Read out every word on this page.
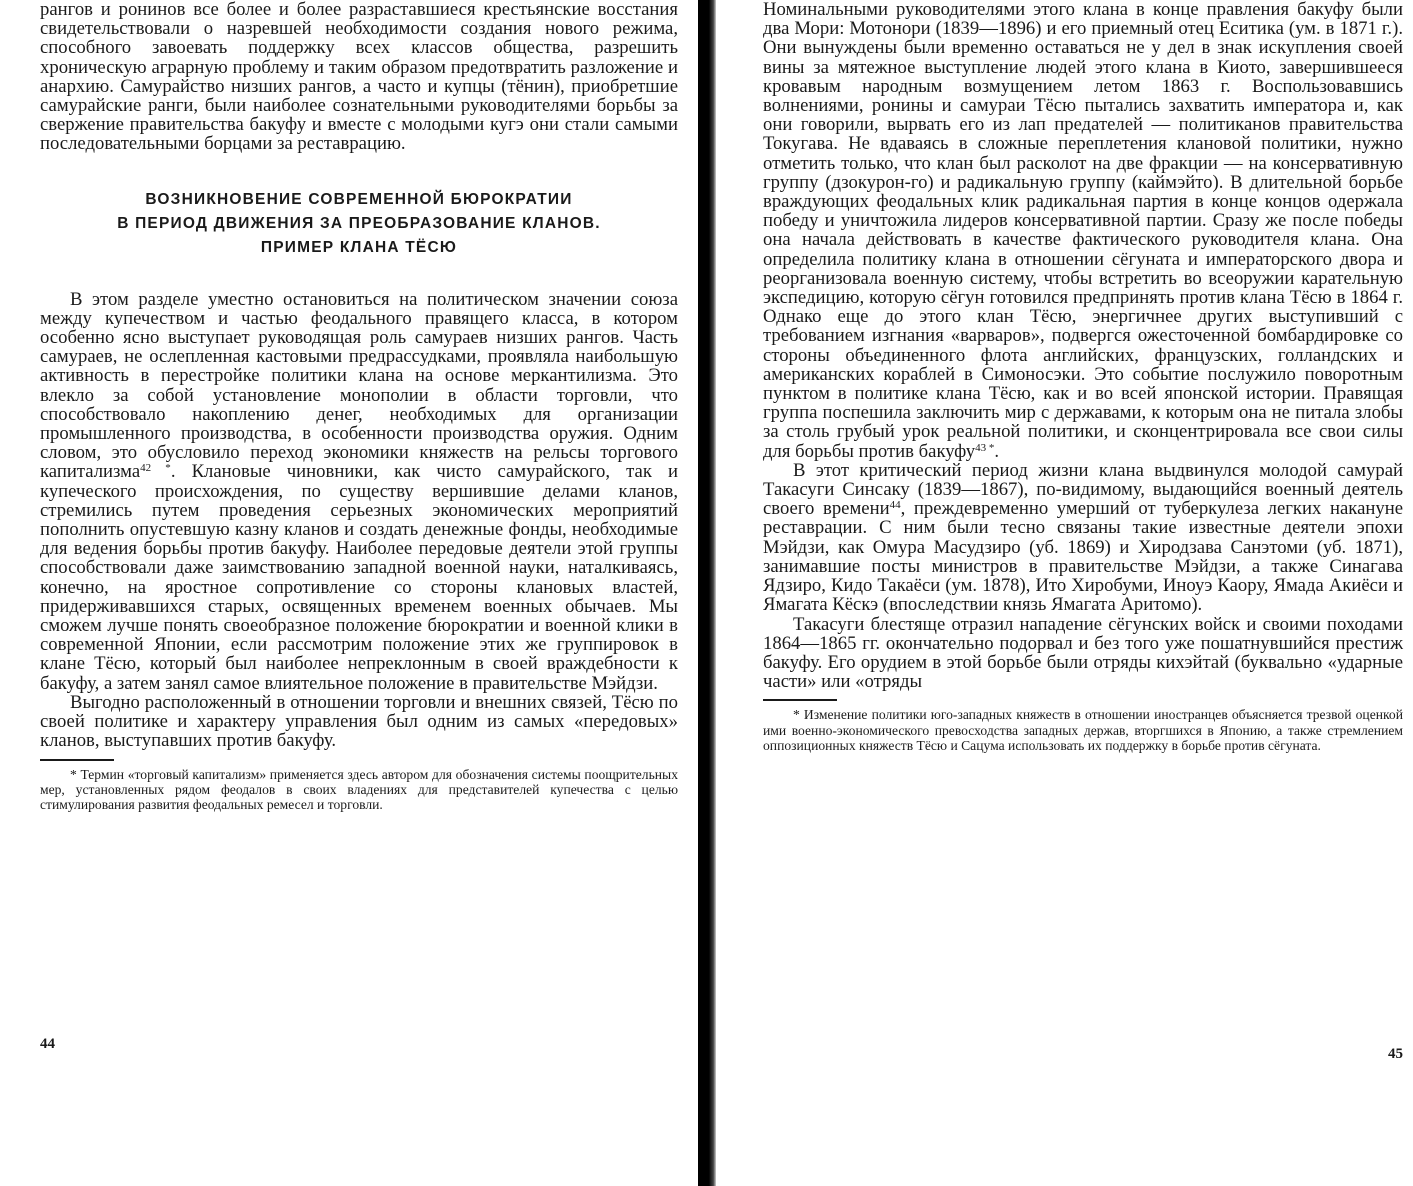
рангов и ронинов все более и более разраставшиеся крестьянские восстания свидетельствовали о назревшей необходимости создания нового режима, способного завоевать поддержку всех классов общества, разрешить хроническую аграрную проблему и таким образом предотвратить разложение и анархию. Самурайство низших рангов, а часто и купцы (тёнин), приобретшие самурайские ранги, были наиболее сознательными руководителями борьбы за свержение правительства бакуфу и вместе с молодыми кугэ они стали самыми последовательными борцами за реставрацию.

ВОЗНИКНОВЕНИЕ СОВРЕМЕННОЙ БЮРОКРАТИИ
В ПЕРИОД ДВИЖЕНИЯ ЗА ПРЕОБРАЗОВАНИЕ КЛАНОВ.
ПРИМЕР КЛАНА ТЁСЮ

В этом разделе уместно остановиться на политическом значении союза между купечеством и частью феодального правящего класса, в котором особенно ясно выступает руководящая роль самураев низших рангов. Часть самураев, не ослепленная кастовыми предрассудками, проявляла наибольшую активность в перестройке политики клана на основе меркантилизма. Это влекло за собой установление монополии в области торговли, что способствовало накоплению денег, необходимых для организации промышленного производства, в особенности производства оружия. Одним словом, это обусловило переход экономики княжеств на рельсы торгового капитализма$^{42 *}$. Клановые чиновники, как чисто самурайского, так и купеческого происхождения, по существу вершившие делами кланов, стремились путем проведения серьезных экономических мероприятий пополнить опустевшую казну кланов и создать денежные фонды, необходимые для ведения борьбы против бакуфу. Наиболее передовые деятели этой группы способствовали даже заимствованию западной военной науки, наталкиваясь, конечно, на яростное сопротивление со стороны клановых властей, придерживавшихся старых, освященных временем военных обычаев. Мы сможем лучше понять своеобразное положение бюрократии и военной клики в современной Японии, если рассмотрим положение этих же группировок в клане Тёсю, который был наиболее непреклонным в своей враждебности к бакуфу, а затем занял самое влиятельное положение в правительстве Мэйдзи.

Выгодно расположенный в отношении торговли и внешних связей, Тёсю по своей политике и характеру управления был одним из самых «передовых» кланов, выступавших против бакуфу.

* Термин «торговый капитализм» применяется здесь автором для обозначения системы поощрительных мер, установленных рядом феодалов в своих владениях для представителей купечества с целью стимулирования развития феодальных ремесел и торговли.

44

Номинальными руководителями этого клана в конце правления бакуфу были два Мори: Мотонори (1839—1896) и его приемный отец Еситика (ум. в 1871 г.). Они вынуждены были временно оставаться не у дел в знак искупления своей вины за мятежное выступление людей этого клана в Киото, завершившееся кровавым народным возмущением летом 1863 г. Воспользовавшись волнениями, ронины и самураи Тёсю пытались захватить императора и, как они говорили, вырвать его из лап предателей — политиканов правительства Токугава. Не вдаваясь в сложные переплетения клановой политики, нужно отметить только, что клан был расколот на две фракции — на консервативную группу (дзокурон-го) и радикальную группу (каймэйто). В длительной борьбе враждующих феодальных клик радикальная партия в конце концов одержала победу и уничтожила лидеров консервативной партии. Сразу же после победы она начала действовать в качестве фактического руководителя клана. Она определила политику клана в отношении сёгуната и императорского двора и реорганизовала военную систему, чтобы встретить во всеоружии карательную экспедицию, которую сёгун готовился предпринять против клана Тёсю в 1864 г. Однако еще до этого клан Тёсю, энергичнее других выступивший с требованием изгнания «варваров», подвергся ожесточенной бомбардировке со стороны объединенного флота английских, французских, голландских и американских кораблей в Симоносэки. Это событие послужило поворотным пунктом в политике клана Тёсю, как и во всей японской истории. Правящая группа поспешила заключить мир с державами, к которым она не питала злобы за столь грубый урок реальной политики, и сконцентрировала все свои силы для борьбы против бакуфу$^{43 *}$.

В этот критический период жизни клана выдвинулся молодой самурай Такасуги Синсаку (1839—1867), по-видимому, выдающийся военный деятель своего времени$^{44}$, преждевременно умерший от туберкулеза легких накануне реставрации. С ним были тесно связаны такие известные деятели эпохи Мэйдзи, как Омура Масудзиро (уб. 1869) и Хиродзава Санэтоми (уб. 1871), занимавшие посты министров в правительстве Мэйдзи, а также Синагава Ядзиро, Кидо Такаёси (ум. 1878), Ито Хиробуми, Иноуэ Каору, Ямада Акиёси и Ямагата Кёскэ (впоследствии князь Ямагата Аритомо).

Такасуги блестяще отразил нападение сёгунских войск и своими походами 1864—1865 гг. окончательно подорвал и без того уже пошатнувшийся престиж бакуфу. Его орудием в этой борьбе были отряды кихэйтай (буквально «ударные части» или «отряды

* Изменение политики юго-западных княжеств в отношении иностранцев объясняется трезвой оценкой ими военно-экономического превосходства западных держав, вторгшихся в Японию, а также стремлением оппозиционных княжеств Тёсю и Сацума использовать их поддержку в борьбе против сёгуната.

45
